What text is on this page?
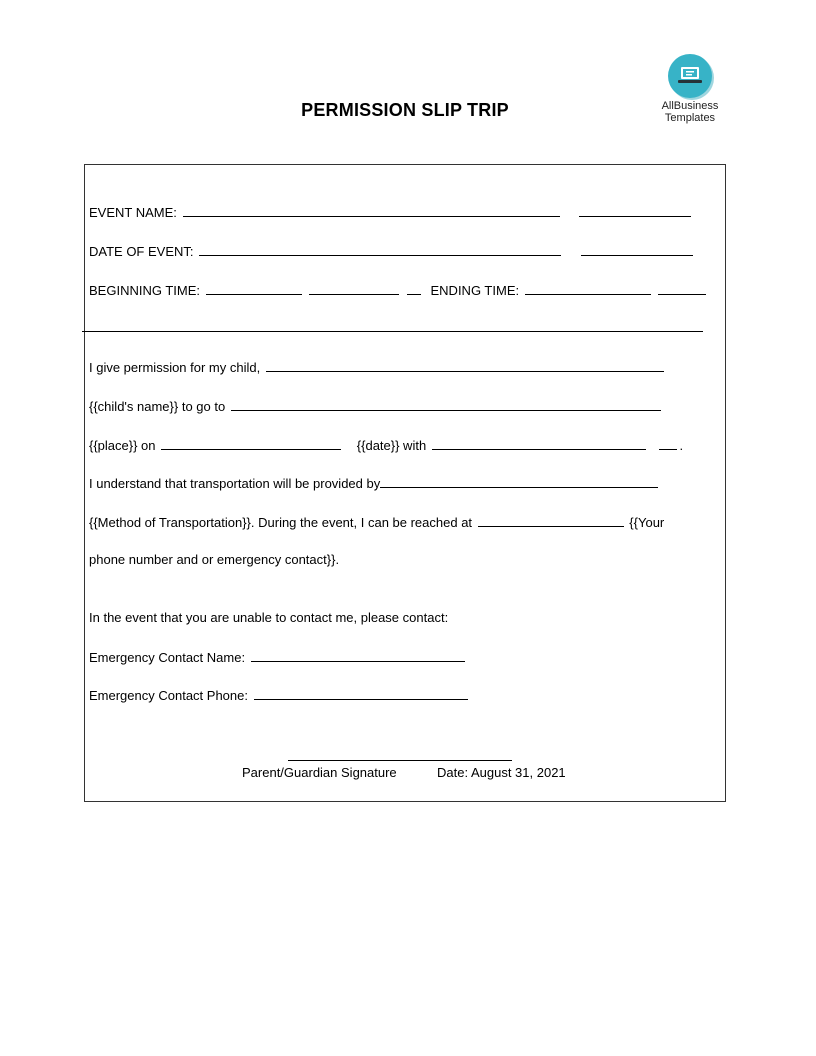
PERMISSION SLIP TRIP	AllBusiness
Templates
EVENT NAME:
DATE OF EVENT:
BEGINNING TIME:	ENDING TIME:
I give permission for my child,
{{child's name}} to go to
{{place}} on	{{date}} with	.
I understand that transportation will be provided by
{{Method of Transportation}}. During the event, I can be reached at	{{Your
phone number and or emergency contact}}.
In the event that you are unable to contact me, please contact:
Emergency Contact Name:
Emergency Contact Phone:
Parent/Guardian Signature	Date: August 31, 2021
